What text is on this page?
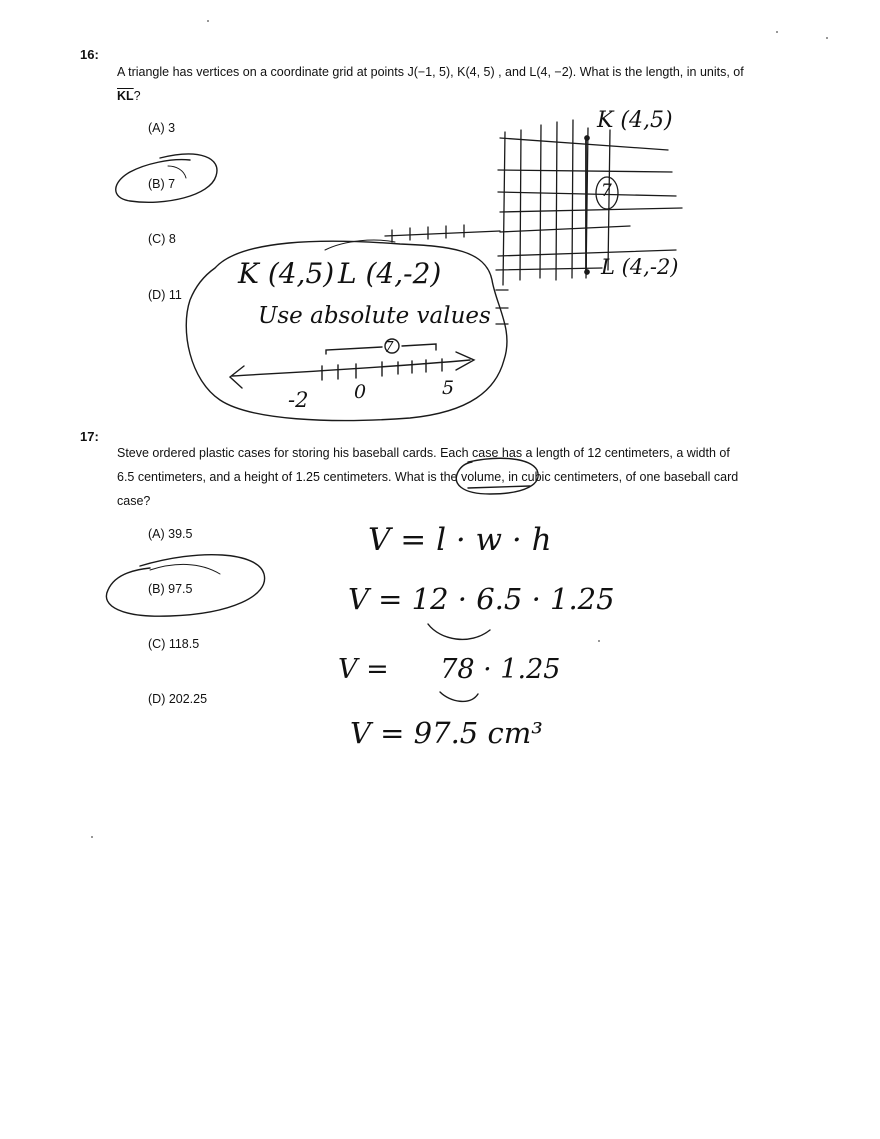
16:
A triangle has vertices on a coordinate grid at points J(−1, 5), K(4, 5) , and L(4, −2). What is the length, in units, of
$\overline{KL}$?
(A) 3
(B) 7
(C) 8
(D) 11
K (4,5) L (4,-2)
Use absolute values
7
-2 0	5
K (4,5)
7
L (4,-2)
17:
Steve ordered plastic cases for storing his baseball cards. Each case has a length of 12 centimeters, a width of
6.5 centimeters, and a height of 1.25 centimeters. What is the volume, in cubic centimeters, of one baseball card
case?
(A) 39.5
(B) 97.5
(C) 118.5
(D) 202.25
V = l · w · h
V = 12 · 6.5 · 1.25
V =      78 · 1.25
V = 97.5 cm³
